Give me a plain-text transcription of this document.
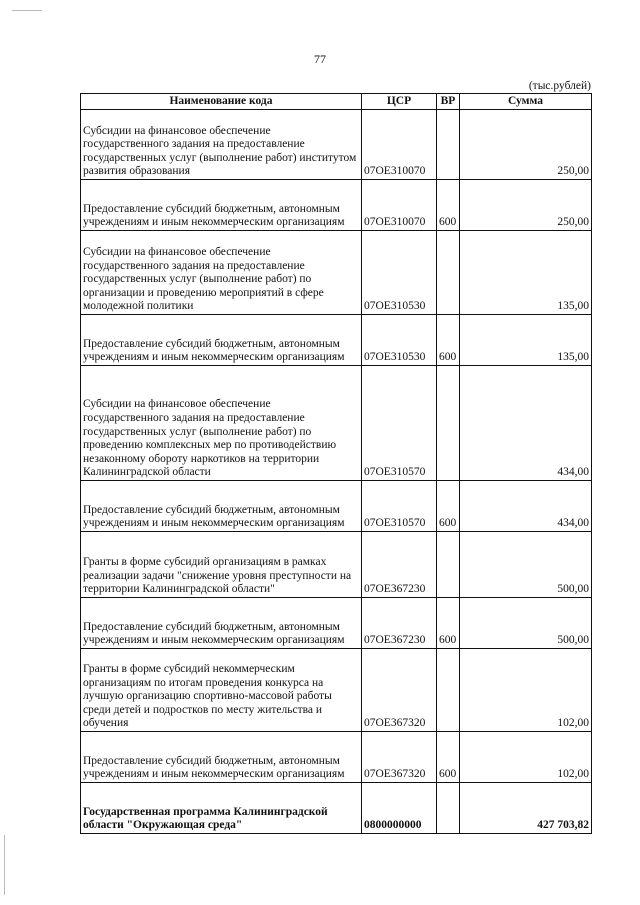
77
(тыс.рублей)
Наименование кода	ЦСР	ВР	Сумма
Субсидии на финансовое обеспечение государственного задания на предоставление государственных услуг (выполнение работ) институтом развития образования	07ОЕ310070		250,00
Предоставление субсидий бюджетным, автономным учреждениям и иным некоммерческим организациям	07ОЕ310070	600	250,00
Субсидии на финансовое обеспечение государственного задания на предоставление государственных услуг (выполнение работ) по организации и проведению мероприятий в сфере молодежной политики	07ОЕ310530		135,00
Предоставление субсидий бюджетным, автономным учреждениям и иным некоммерческим организациям	07ОЕ310530	600	135,00
Субсидии на финансовое обеспечение государственного задания на предоставление государственных услуг (выполнение работ) по проведению комплексных мер по противодействию незаконному обороту наркотиков на территории Калининградской области	07ОЕ310570		434,00
Предоставление субсидий бюджетным, автономным учреждениям и иным некоммерческим организациям	07ОЕ310570	600	434,00
Гранты в форме субсидий организациям в рамках реализации задачи "снижение уровня преступности на территории Калининградской области"	07ОЕ367230		500,00
Предоставление субсидий бюджетным, автономным учреждениям и иным некоммерческим организациям	07ОЕ367230	600	500,00
Гранты в форме субсидий некоммерческим организациям по итогам проведения конкурса на лучшую организацию спортивно-массовой работы среди детей и подростков по месту жительства и обучения	07ОЕ367320		102,00
Предоставление субсидий бюджетным, автономным учреждениям и иным некоммерческим организациям	07ОЕ367320	600	102,00
Государственная программа Калининградской области "Окружающая среда"	0800000000		427 703,82
